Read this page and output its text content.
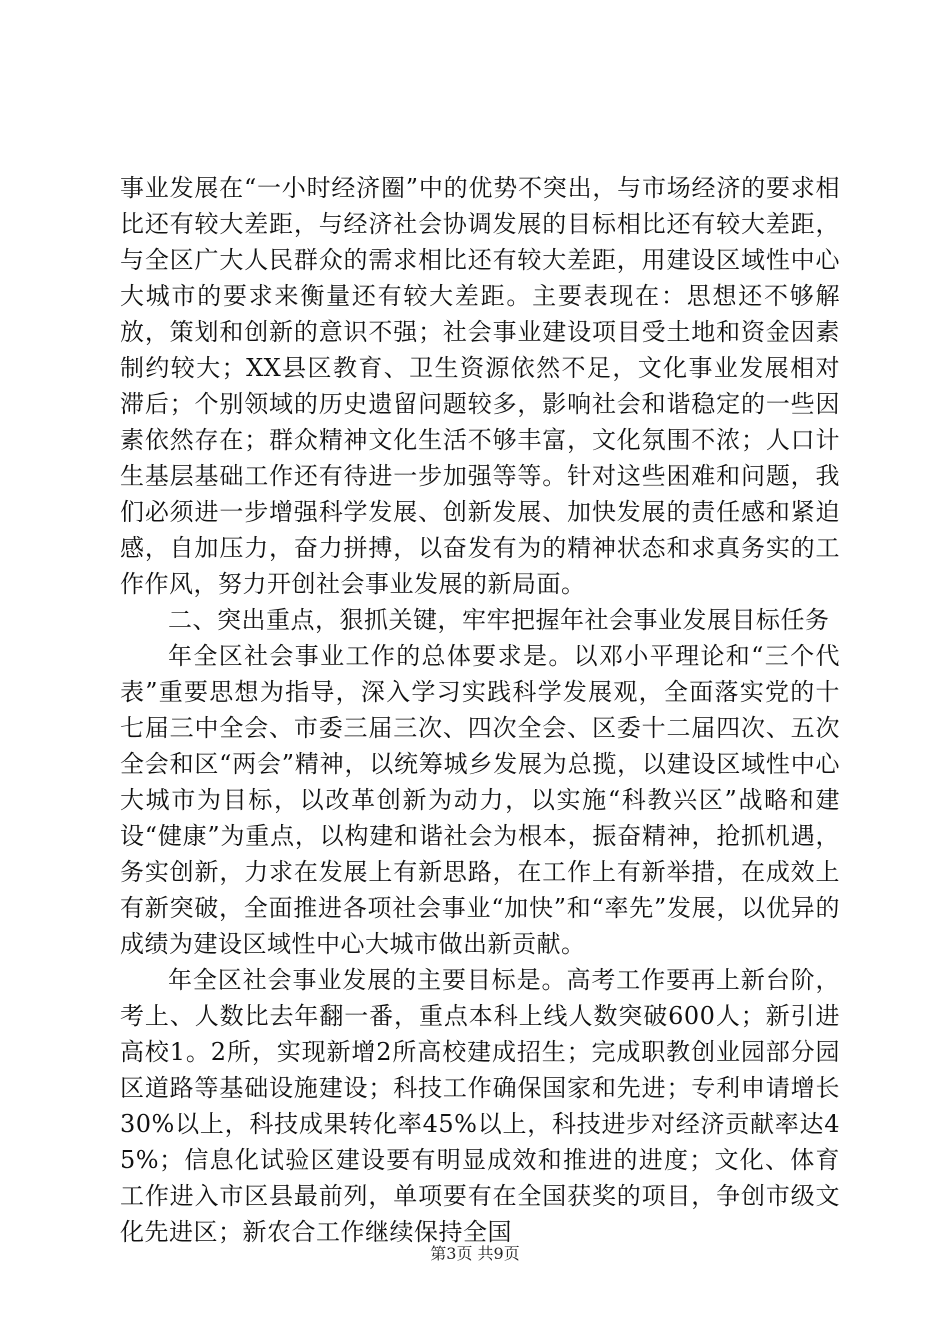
事业发展在“一小时经济圈”中的优势不突出，与市场经济的要求相比还有较大差距，与经济社会协调发展的目标相比还有较大差距，与全区广大人民群众的需求相比还有较大差距，用建设区域性中心大城市的要求来衡量还有较大差距。主要表现在：思想还不够解放，策划和创新的意识不强；社会事业建设项目受土地和资金因素制约较大；XX县区教育、卫生资源依然不足，文化事业发展相对滞后；个别领域的历史遗留问题较多，影响社会和谐稳定的一些因素依然存在；群众精神文化生活不够丰富，文化氛围不浓；人口计生基层基础工作还有待进一步加强等等。针对这些困难和问题，我们必须进一步增强科学发展、创新发展、加快发展的责任感和紧迫感，自加压力，奋力拼搏，以奋发有为的精神状态和求真务实的工作作风，努力开创社会事业发展的新局面。

二、突出重点，狠抓关键，牢牢把握年社会事业发展目标任务

年全区社会事业工作的总体要求是。以邓小平理论和“三个代表”重要思想为指导，深入学习实践科学发展观，全面落实党的十七届三中全会、市委三届三次、四次全会、区委十二届四次、五次全会和区“两会”精神，以统筹城乡发展为总揽，以建设区域性中心大城市为目标，以改革创新为动力，以实施“科教兴区”战略和建设“健康”为重点，以构建和谐社会为根本，振奋精神，抢抓机遇，务实创新，力求在发展上有新思路，在工作上有新举措，在成效上有新突破，全面推进各项社会事业“加快”和“率先”发展，以优异的成绩为建设区域性中心大城市做出新贡献。

年全区社会事业发展的主要目标是。高考工作要再上新台阶，考上、人数比去年翻一番，重点本科上线人数突破600人；新引进高校1。2所，实现新增2所高校建成招生；完成职教创业园部分园区道路等基础设施建设；科技工作确保国家和先进；专利申请增长30%以上，科技成果转化率45%以上，科技进步对经济贡献率达45%；信息化试验区建设要有明显成效和推进的进度；文化、体育工作进入市区县最前列，单项要有在全国获奖的项目，争创市级文化先进区；新农合工作继续保持全国

第3页 共9页
